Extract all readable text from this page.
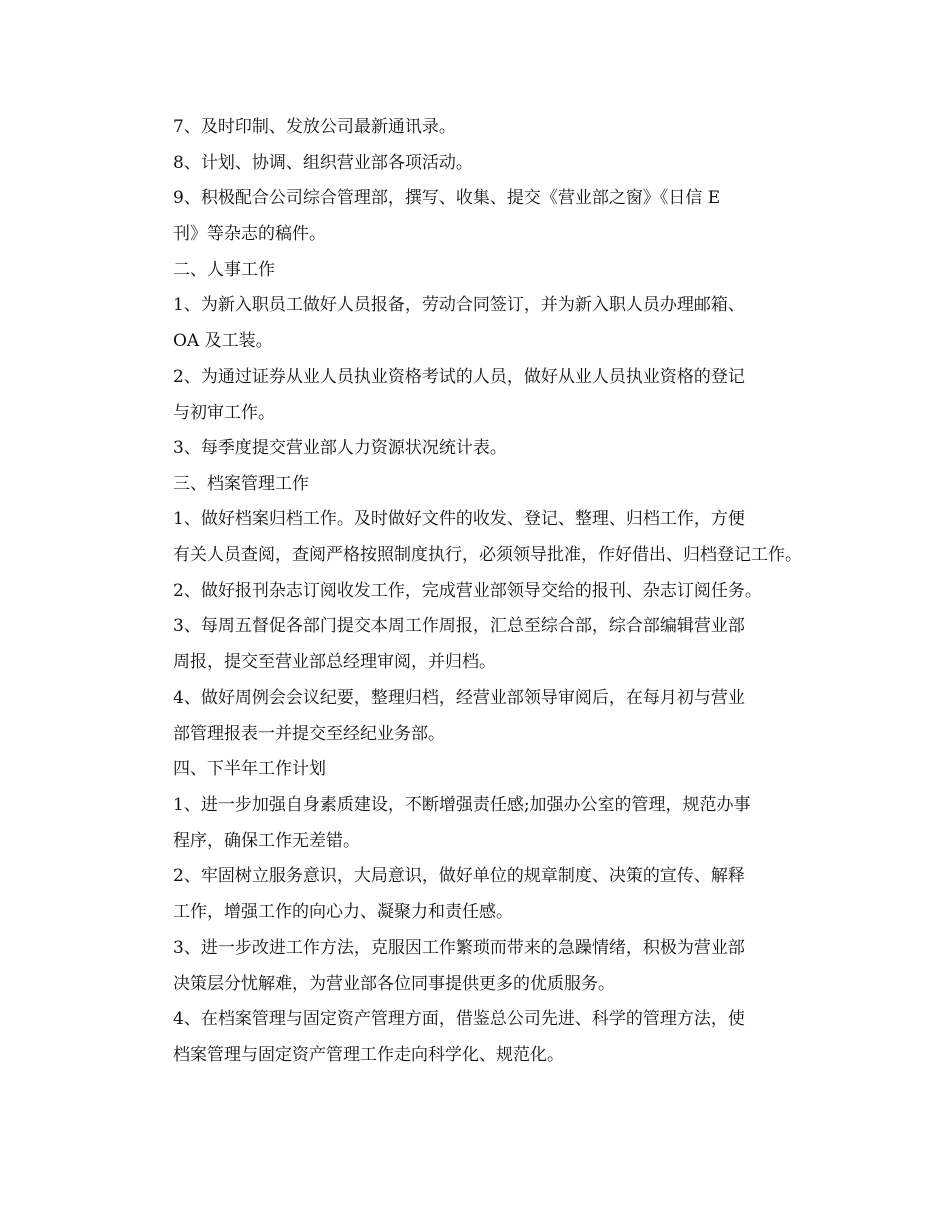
7、及时印制、发放公司最新通讯录。

8、计划、协调、组织营业部各项活动。

9、积极配合公司综合管理部，撰写、收集、提交《营业部之窗》《日信 E
刊》等杂志的稿件。

二、人事工作

1、为新入职员工做好人员报备，劳动合同签订，并为新入职人员办理邮箱、
OA 及工装。

2、为通过证券从业人员执业资格考试的人员，做好从业人员执业资格的登记
与初审工作。

3、每季度提交营业部人力资源状况统计表。

三、档案管理工作

1、做好档案归档工作。及时做好文件的收发、登记、整理、归档工作，方便
有关人员查阅，查阅严格按照制度执行，必须领导批准，作好借出、归档登记工作。

2、做好报刊杂志订阅收发工作，完成营业部领导交给的报刊、杂志订阅任务。

3、每周五督促各部门提交本周工作周报，汇总至综合部，综合部编辑营业部
周报，提交至营业部总经理审阅，并归档。

4、做好周例会会议纪要，整理归档，经营业部领导审阅后，在每月初与营业
部管理报表一并提交至经纪业务部。

四、下半年工作计划

1、进一步加强自身素质建设，不断增强责任感;加强办公室的管理，规范办事
程序，确保工作无差错。

2、牢固树立服务意识，大局意识，做好单位的规章制度、决策的宣传、解释
工作，增强工作的向心力、凝聚力和责任感。

3、进一步改进工作方法，克服因工作繁琐而带来的急躁情绪，积极为营业部
决策层分忧解难，为营业部各位同事提供更多的优质服务。

4、在档案管理与固定资产管理方面，借鉴总公司先进、科学的管理方法，使
档案管理与固定资产管理工作走向科学化、规范化。
